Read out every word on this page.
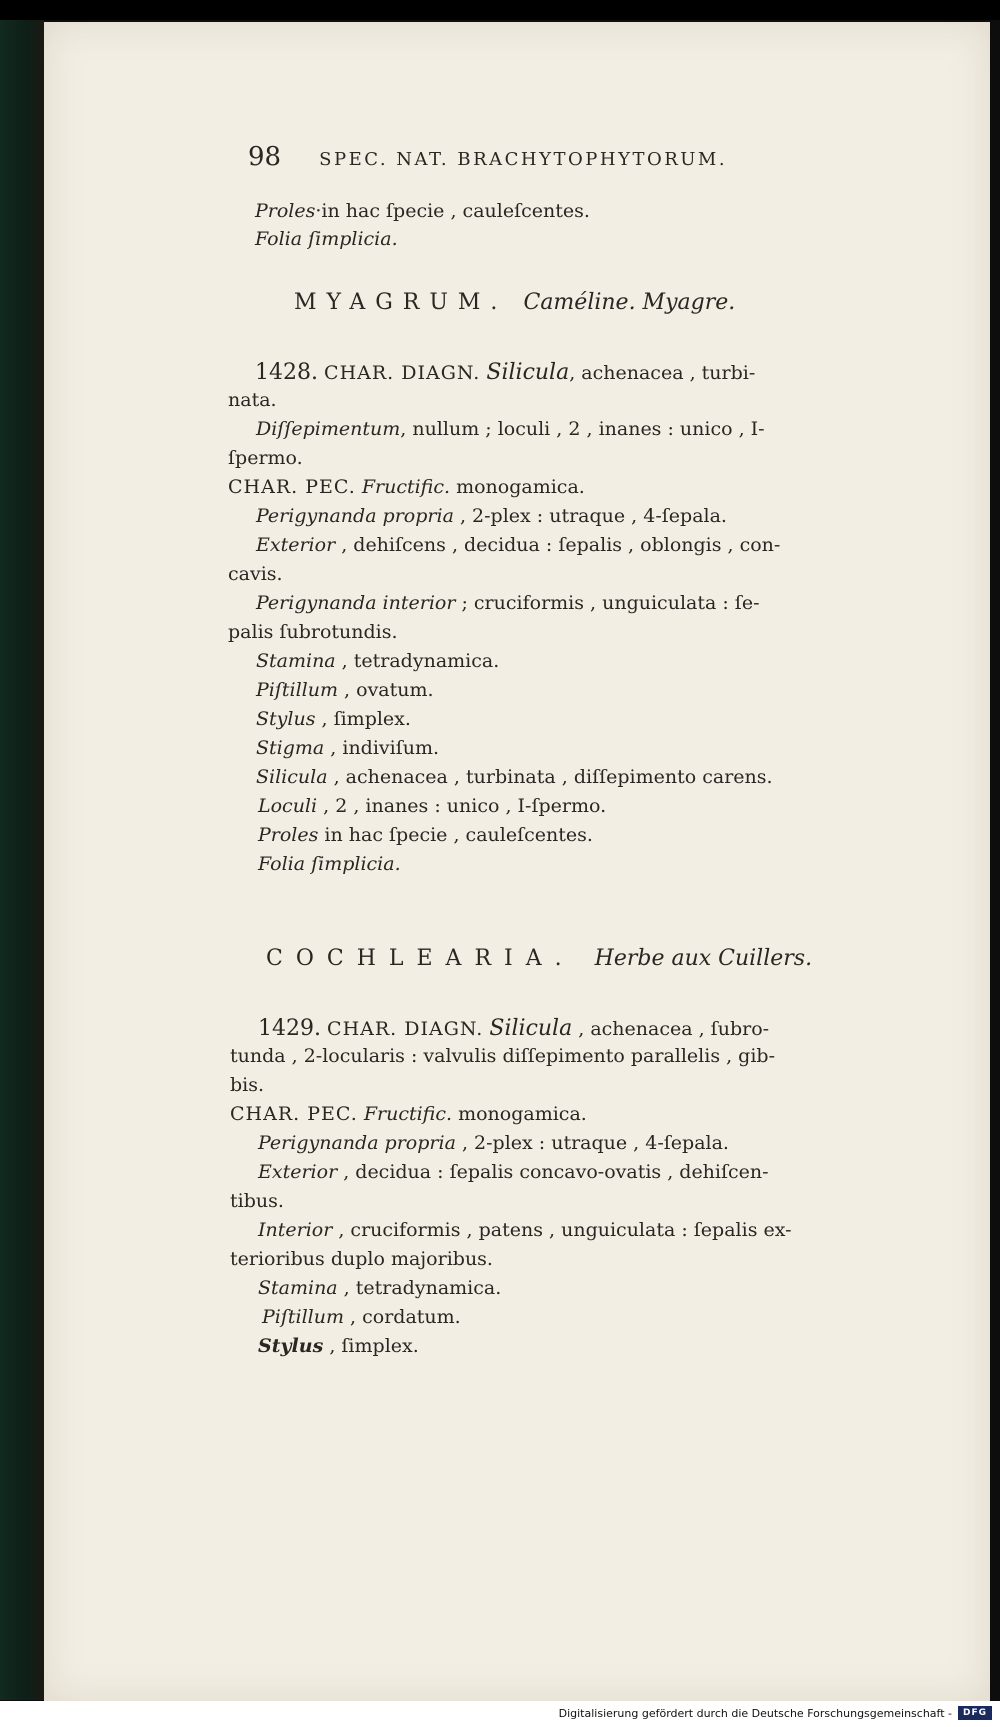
98 SPEC. NAT. BRACHYTOPHYTORUM.
Proles·in hac ſpecie , cauleſcentes.
Folia ſimplicia.
MYAGRUM. Caméline. Myagre.
1428. CHAR. DIAGN. Silicula, achenacea , turbi-
nata.
Diſſepimentum, nullum ; loculi , 2 , inanes : unico , I-
ſpermo.
CHAR. PEC. Fructific. monogamica.
Perigynanda propria , 2-plex : utraque , 4-ſepala.
Exterior , dehiſcens , decidua : ſepalis , oblongis , con-
cavis.
Perigynanda interior ; cruciformis , unguiculata : ſe-
palis ſubrotundis.
Stamina , tetradynamica.
Piſtillum , ovatum.
Stylus , ſimplex.
Stigma , indiviſum.
Silicula , achenacea , turbinata , diſſepimento carens.
Loculi , 2 , inanes : unico , I-ſpermo.
Proles in hac ſpecie , cauleſcentes.
Folia ſimplicia.
COCHLEARIA. Herbe aux Cuillers.
1429. CHAR. DIAGN. Silicula , achenacea , ſubro-
tunda , 2-locularis : valvulis diſſepimento parallelis , gib-
bis.
CHAR. PEC. Fructific. monogamica.
Perigynanda propria , 2-plex : utraque , 4-ſepala.
Exterior , decidua : ſepalis concavo-ovatis , dehiſcen-
tibus.
Interior , cruciformis , patens , unguiculata : ſepalis ex-
terioribus duplo majoribus.
Stamina , tetradynamica.
Piſtillum , cordatum.
Stylus , ſimplex.
Digitalisierung gefördert durch die Deutsche Forschungsgemeinschaft -	DFG
